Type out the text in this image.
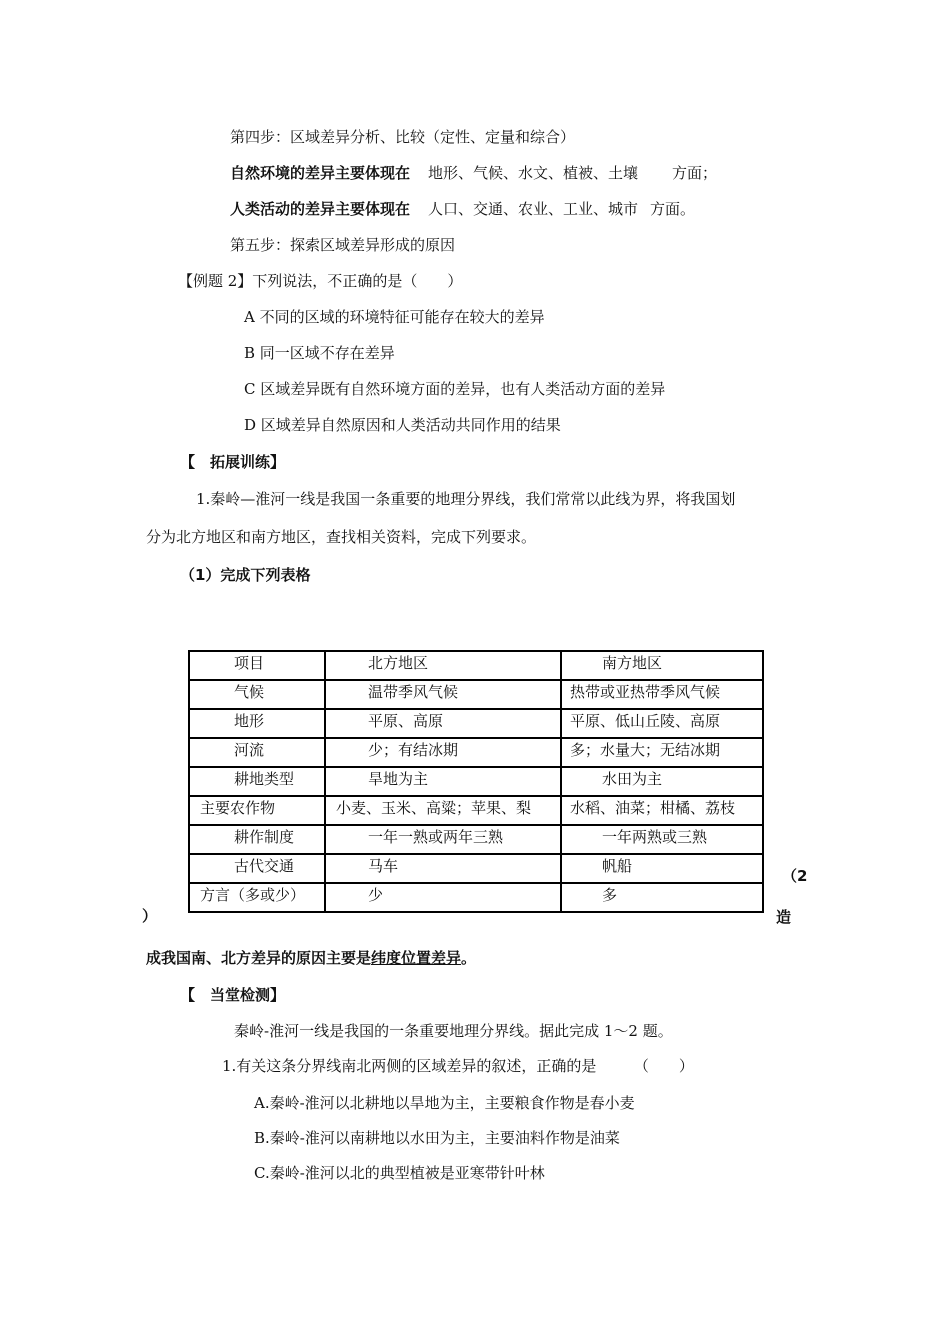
第四步：区域差异分析、比较（定性、定量和综合）
自然环境的差异主要体现在 地形、气候、水文、植被、土壤 方面；
人类活动的差异主要体现在 人口、交通、农业、工业、城市 方面。
第五步：探索区域差异形成的原因
【例题 2】下列说法，不正确的是（　　）
A 不同的区域的环境特征可能存在较大的差异
B 同一区域不存在差异
C 区域差异既有自然环境方面的差异，也有人类活动方面的差异
D 区域差异自然原因和人类活动共同作用的结果
【　拓展训练】
1.秦岭—淮河一线是我国一条重要的地理分界线，我们常常以此线为界，将我国划
分为北方地区和南方地区，查找相关资料，完成下列要求。
（1）完成下列表格
项目	北方地区	南方地区

气候	温带季风气候	热带或亚热带季风气候

地形	平原、高原	平原、低山丘陵、高原

河流	少；有结冰期	多；水量大；无结冰期

耕地类型	旱地为主	水田为主

主要农作物	小麦、玉米、高粱；苹果、梨	水稻、油菜；柑橘、荔枝

耕作制度	一年一熟或两年三熟	一年两熟或三熟

古代交通	马车	帆船

方言（多或少）	少	多
（2
）	造
成我国南、北方差异的原因主要是纬度位置差异。
【　当堂检测】
秦岭-淮河一线是我国的一条重要地理分界线。据此完成 1～2 题。
1.有关这条分界线南北两侧的区域差异的叙述，正确的是　　　（　　）
A.秦岭-淮河以北耕地以旱地为主，主要粮食作物是春小麦
B.秦岭-淮河以南耕地以水田为主，主要油料作物是油菜
C.秦岭-淮河以北的典型植被是亚寒带针叶林
